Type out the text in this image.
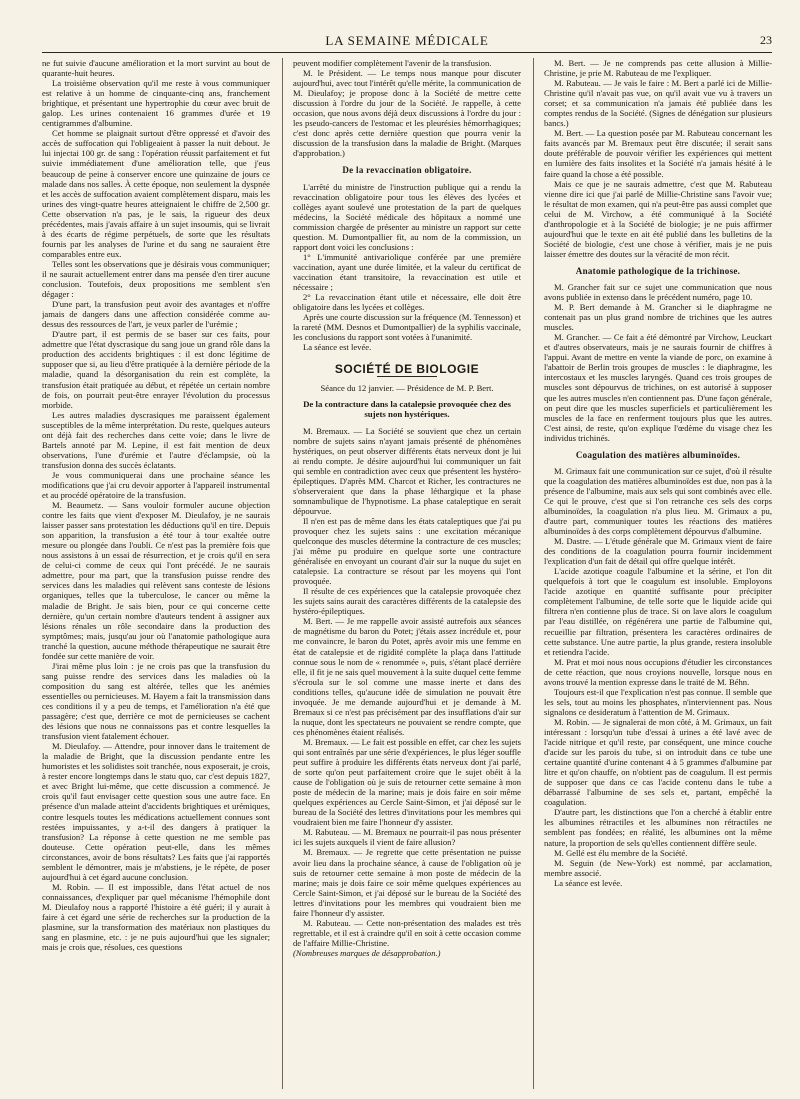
LA SEMAINE MÉDICALE	23

ne fut suivie d'aucune amélioration et la mort survint au bout de quarante-huit heures.

La troisième observation qu'il me reste à vous communiquer est relative à un homme de cinquante-cinq ans, franchement brightique, et présentant une hypertrophie du cœur avec bruit de galop. Les urines contenaient 16 grammes d'urée et 19 centigrammes d'albumine.

Cet homme se plaignait surtout d'être oppressé et d'avoir des accès de suffocation qui l'obligeaient à passer la nuit debout. Je lui injectai 100 gr. de sang : l'opération réussit parfaitement et fut suivie immédiatement d'une amélioration telle, que j'eus beaucoup de peine à conserver encore une quinzaine de jours ce malade dans nos salles. À cette époque, non seulement la dyspnée et les accès de suffocation avaient complètement disparu, mais les urines des vingt-quatre heures atteignaient le chiffre de 2,500 gr. Cette observation n'a pas, je le sais, la rigueur des deux précédentes, mais j'avais affaire à un sujet insoumis, qui se livrait à des écarts de régime perpétuels, de sorte que les résultats fournis par les analyses de l'urine et du sang ne sauraient être comparables entre eux.

Telles sont les observations que je désirais vous communiquer; il ne saurait actuellement entrer dans ma pensée d'en tirer aucune conclusion. Toutefois, deux propositions me semblent s'en dégager :

D'une part, la transfusion peut avoir des avantages et n'offre jamais de dangers dans une affection considérée comme au-dessus des ressources de l'art, je veux parler de l'urémie ;

D'autre part, il est permis de se baser sur ces faits, pour admettre que l'état dyscrasique du sang joue un grand rôle dans la production des accidents brightiques : il est donc légitime de supposer que si, au lieu d'être pratiquée à la dernière période de la maladie, quand la désorganisation du rein est complète, la transfusion était pratiquée au début, et répétée un certain nombre de fois, on pourrait peut-être enrayer l'évolution du processus morbide.

Les autres maladies dyscrasiques me paraissent également susceptibles de la même interprétation. Du reste, quelques auteurs ont déjà fait des recherches dans cette voie; dans le livre de Bartels annoté par M. Lepine, il est fait mention de deux observations, l'une d'urémie et l'autre d'éclampsie, où la transfusion donna des succès éclatants.

Je vous communiquerai dans une prochaine séance les modifications que j'ai cru devoir apporter à l'appareil instrumental et au procédé opératoire de la transfusion.

M. Beaumetz. — Sans vouloir formuler aucune objection contre les faits que vient d'exposer M. Dieulafoy, je ne saurais laisser passer sans protestation les déductions qu'il en tire. Depuis son apparition, la transfusion a été tour à tour exaltée outre mesure ou plongée dans l'oubli. Ce n'est pas la première fois que nous assistons à un essai de résurrection, et je crois qu'il en sera de celui-ci comme de ceux qui l'ont précédé. Je ne saurais admettre, pour ma part, que la transfusion puisse rendre des services dans les maladies qui relèvent sans conteste de lésions organiques, telles que la tuberculose, le cancer ou même la maladie de Bright. Je sais bien, pour ce qui concerne cette dernière, qu'un certain nombre d'auteurs tendent à assigner aux lésions rénales un rôle secondaire dans la production des symptômes; mais, jusqu'au jour où l'anatomie pathologique aura tranché la question, aucune méthode thérapeutique ne saurait être fondée sur cette manière de voir.

J'irai même plus loin : je ne crois pas que la transfusion du sang puisse rendre des services dans les maladies où la composition du sang est altérée, telles que les anémies essentielles ou pernicieuses. M. Hayem a fait la transmission dans ces conditions il y a peu de temps, et l'amélioration n'a été que passagère; c'est que, derrière ce mot de pernicieuses se cachent des lésions que nous ne connaissons pas et contre lesquelles la transfusion vient fatalement échouer.

M. Dieulafoy. — Attendre, pour innover dans le traitement de la maladie de Bright, que la discussion pendante entre les humoristes et les solidistes soit tranchée, nous exposerait, je crois, à rester encore longtemps dans le statu quo, car c'est depuis 1827, et avec Bright lui-même, que cette discussion a commencé. Je crois qu'il faut envisager cette question sous une autre face. En présence d'un malade atteint d'accidents brightiques et urémiques, contre lesquels toutes les médications actuellement connues sont restées impuissantes, y a-t-il des dangers à pratiquer la transfusion? La réponse à cette question ne me semble pas douteuse. Cette opération peut-elle, dans les mêmes circonstances, avoir de bons résultats? Les faits que j'ai rapportés semblent le démontrer, mais je m'abstiens, je le répète, de poser aujourd'hui à cet égard aucune conclusion.

M. Robin. — Il est impossible, dans l'état actuel de nos connaissances, d'expliquer par quel mécanisme l'hémophile dont M. Dieulafoy nous a rapporté l'histoire a été guéri; il y aurait à faire à cet égard une série de recherches sur la production de la plasmine, sur la transformation des matériaux non plastiques du sang en plasmine, etc. : je ne puis aujourd'hui que les signaler; mais je crois que, résolues, ces questions

peuvent modifier complètement l'avenir de la transfusion.

M. le Président. — Le temps nous manque pour discuter aujourd'hui, avec tout l'intérêt qu'elle mérite, la communication de M. Dieulafoy; je propose donc à la Société de mettre cette discussion à l'ordre du jour de la Société. Je rappelle, à cette occasion, que nous avons déjà deux discussions à l'ordre du jour : les pseudo-cancers de l'estomac et les pleurésies hémorrhagiques; c'est donc après cette dernière question que pourra venir la discussion de la transfusion dans la maladie de Bright. (Marques d'approbation.)

De la revaccination obligatoire.

L'arrêté du ministre de l'instruction publique qui a rendu la revaccination obligatoire pour tous les élèves des lycées et collèges ayant soulevé une protestation de la part de quelques médecins, la Société médicale des hôpitaux a nommé une commission chargée de présenter au ministre un rapport sur cette question. M. Dumontpallier fit, au nom de la commission, un rapport dont voici les conclusions :

1° L'immunité antivariolique conférée par une première vaccination, ayant une durée limitée, et la valeur du certificat de vaccination étant transitoire, la revaccination est utile et nécessaire ;

2° La revaccination étant utile et nécessaire, elle doit être obligatoire dans les lycées et collèges.

Après une courte discussion sur la fréquence (M. Tennesson) et la rareté (MM. Desnos et Dumontpallier) de la syphilis vaccinale, les conclusions du rapport sont votées à l'unanimité.

La séance est levée.

SOCIÉTÉ DE BIOLOGIE
Séance du 12 janvier. — Présidence de M. P. Bert.
De la contracture dans la catalepsie provoquée chez des sujets non hystériques.

M. Bremaux. — La Société se souvient que chez un certain nombre de sujets sains n'ayant jamais présenté de phénomènes hystériques, on peut observer différents états nerveux dont je lui ai rendu compte. Je désire aujourd'hui lui communiquer un fait qui semble en contradiction avec ceux que présentent les hystéro-épileptiques. D'après MM. Charcot et Richer, les contractures ne s'observeraient que dans la phase léthargique et la phase somnambulique de l'hypnotisme. La phase cataleptique en serait dépourvue.

Il n'en est pas de même dans les états cataleptiques que j'ai pu provoquer chez les sujets sains : une excitation mécanique quelconque des muscles détermine la contracture de ces muscles; j'ai même pu produire en quelque sorte une contracture généralisée en envoyant un courant d'air sur la nuque du sujet en catalepsie. La contracture se résout par les moyens qui l'ont provoquée.

Il résulte de ces expériences que la catalepsie provoquée chez les sujets sains aurait des caractères différents de la catalepsie des hystéro-épileptiques.

M. Bert. — Je me rappelle avoir assisté autrefois aux séances de magnétisme du baron du Potet; j'étais assez incrédule et, pour me convaincre, le baron du Potet, après avoir mis une femme en état de catalepsie et de rigidité complète la plaça dans l'attitude connue sous le nom de « renommée », puis, s'étant placé derrière elle, il fit je ne sais quel mouvement à la suite duquel cette femme s'écroula sur le sol comme une masse inerte et dans des conditions telles, qu'aucune idée de simulation ne pouvait être invoquée. Je me demande aujourd'hui et je demande à M. Bremaux si ce n'est pas précisément par des insufflations d'air sur la nuque, dont les spectateurs ne pouvaient se rendre compte, que ces phénomènes étaient réalisés.

M. Bremaux. — Le fait est possible en effet, car chez les sujets qui sont entraînés par une série d'expériences, le plus léger souffle peut suffire à produire les différents états nerveux dont j'ai parlé, de sorte qu'on peut parfaitement croire que le sujet obéit à la cause de l'obligation où je suis de retourner cette semaine à mon poste de médecin de la marine; mais je dois faire en soir même quelques expériences au Cercle Saint-Simon, et j'ai déposé sur le bureau de la Société des lettres d'invitations pour les membres qui voudraient bien me faire l'honneur d'y assister.

M. Rabuteau. — M. Bremaux ne pourrait-il pas nous présenter ici les sujets auxquels il vient de faire allusion?

M. Bremaux. — Je regrette que cette présentation ne puisse avoir lieu dans la prochaine séance, à cause de l'obligation où je suis de retourner cette semaine à mon poste de médecin de la marine; mais je dois faire ce soir même quelques expériences au Cercle Saint-Simon, et j'ai déposé sur le bureau de la Société des lettres d'invitations pour les membres qui voudraient bien me faire l'honneur d'y assister.

M. Rabuteau. — Cette non-présentation des malades est très regrettable, et il est à craindre qu'il en soit à cette occasion comme de l'affaire Millie-Christine.

(Nombreuses marques de désapprobation.)

M. Bert. — Je ne comprends pas cette allusion à Millie-Christine, je prie M. Rabuteau de me l'expliquer.

M. Rabuteau. — Je vais le faire : M. Bert a parlé ici de Millie-Christine qu'il n'avait pas vue, on qu'il avait vue vu à travers un corset; et sa communication n'a jamais été publiée dans les comptes rendus de la Société. (Signes de dénégation sur plusieurs bancs.)

M. Bert. — La question posée par M. Rabuteau concernant les faits avancés par M. Bremaux peut être discutée; il serait sans doute préférable de pouvoir vérifier les expériences qui mettent en lumière des faits insolites et la Société n'a jamais hésité à le faire quand la chose a été possible.

Mais ce que je ne saurais admettre, c'est que M. Rabuteau vienne dire ici que j'ai parlé de Millie-Christine sans l'avoir vue; le résultat de mon examen, qui n'a peut-être pas aussi complet que celui de M. Virchow, a été communiqué à la Société d'anthropologie et à la Société de biologie; je ne puis affirmer aujourd'hui que le texte en ait été publié dans les bulletins de la Société de biologie, c'est une chose à vérifier, mais je ne puis laisser émettre des doutes sur la véracité de mon récit.

Anatomie pathologique de la trichinose.

M. Grancher fait sur ce sujet une communication que nous avons publiée in extenso dans le précédent numéro, page 10.

M. P. Bert demande à M. Grancher si le diaphragme ne contenait pas un plus grand nombre de trichines que les autres muscles.

M. Grancher. — Ce fait a été démontré par Virchow, Leuckart et d'autres observateurs, mais je ne saurais fournir de chiffres à l'appui. Avant de mettre en vente la viande de porc, on examine à l'abattoir de Berlin trois groupes de muscles : le diaphragme, les intercostaux et les muscles laryngés. Quand ces trois groupes de muscles sont dépourvus de trichines, on est autorisé à supposer que les autres muscles n'en contiennent pas. D'une façon générale, on peut dire que les muscles superficiels et particulièrement les muscles de la face en renferment toujours plus que les autres. C'est ainsi, de reste, qu'on explique l'œdème du visage chez les individus trichinés.

Coagulation des matières albuminoïdes.

M. Grimaux fait une communication sur ce sujet, d'où il résulte que la coagulation des matières albuminoïdes est due, non pas à la présence de l'albumine, mais aux sels qui sont combinés avec elle. Ce qui le prouve, c'est que si l'on retranche ces sels des corps albuminoïdes, la coagulation n'a plus lieu. M. Grimaux a pu, d'autre part, communiquer toutes les réactions des matières albuminoïdes à des corps complètement dépourvus d'albumine.

M. Dastre. — L'étude générale que M. Grimaux vient de faire des conditions de la coagulation pourra fournir incidemment l'explication d'un fait de détail qui offre quelque intérêt.

L'acide azotique coagule l'albumine et la sérine, et l'on dit quelquefois à tort que le coagulum est insoluble. Employons l'acide azotique en quantité suffisante pour précipiter complètement l'albumine, de telle sorte que le liquide acide qui filtrera n'en contienne plus de trace. Si on lave alors le coagulum par l'eau distillée, on régénérera une partie de l'albumine qui, recueillie par filtration, présentera les caractères ordinaires de cette substance. Une autre partie, la plus grande, restera insoluble et retiendra l'acide.

M. Prat et moi nous nous occupions d'étudier les circonstances de cette réaction, que nous croyions nouvelle, lorsque nous en avons trouvé la mention expresse dans le traité de M. Béhn.

Toujours est-il que l'explication n'est pas connue. Il semble que les sels, tout au moins les phosphates, n'interviennent pas. Nous signalons ce desideratum à l'attention de M. Grimaux.

M. Robin. — Je signalerai de mon côté, à M. Grimaux, un fait intéressant : lorsqu'un tube d'essai à urines a été lavé avec de l'acide nitrique et qu'il reste, par conséquent, une mince couche d'acide sur les parois du tube, si on introduit dans ce tube une certaine quantité d'urine contenant 4 à 5 grammes d'albumine par litre et qu'on chauffe, on n'obtient pas de coagulum. Il est permis de supposer que dans ce cas l'acide contenu dans le tube a débarrassé l'albumine de ses sels et, partant, empêché la coagulation.

D'autre part, les distinctions que l'on a cherché à établir entre les albumines rétractiles et les albumines non rétractiles ne semblent pas fondées; en réalité, les albumines ont la même nature, la proportion de sels qu'elles contiennent diffère seule.

M. Gellé est élu membre de la Société.

M. Seguin (de New-York) est nommé, par acclamation, membre associé.

La séance est levée.
